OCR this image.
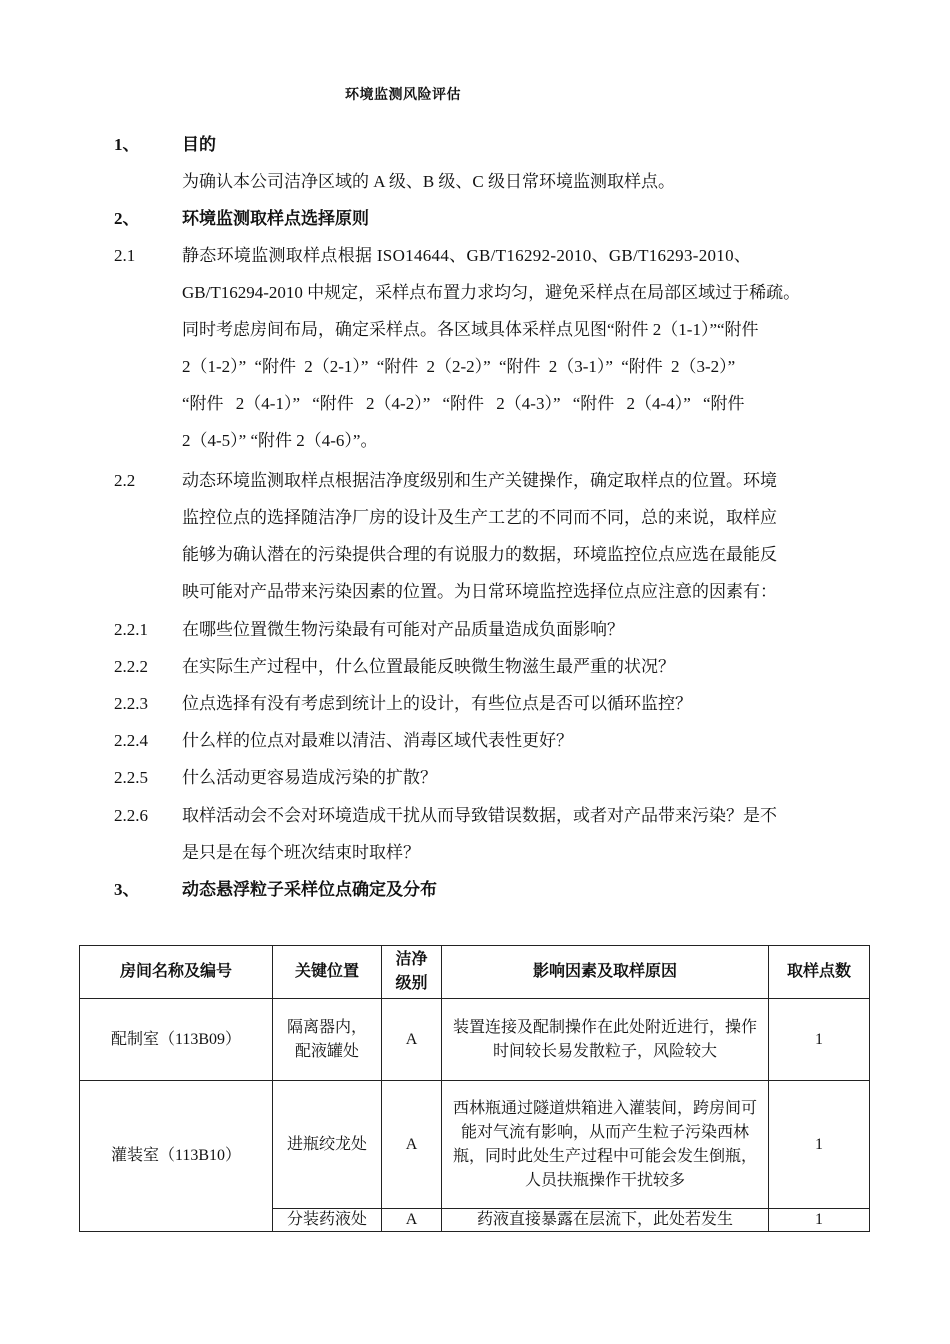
环境监测风险评估
1、	目的
为确认本公司洁净区域的 A 级、B 级、C 级日常环境监测取样点。
2、	环境监测取样点选择原则
2.1	静态环境监测取样点根据 ISO14644、GB/T16292-2010、GB/T16293-2010、
GB/T16294-2010 中规定，采样点布置力求均匀，避免采样点在局部区域过于稀疏。
同时考虑房间布局，确定采样点。各区域具体采样点见图“附件 2（1-1）”“附件
2（1-2）” “附件 2（2-1）” “附件 2（2-2）” “附件 2（3-1）” “附件 2（3-2）”
“附件 2（4-1）” “附件 2（4-2）” “附件 2（4-3）” “附件 2（4-4）” “附件
2（4-5）” “附件 2（4-6）”。
2.2	动态环境监测取样点根据洁净度级别和生产关键操作，确定取样点的位置。环境
监控位点的选择随洁净厂房的设计及生产工艺的不同而不同，总的来说，取样应
能够为确认潜在的污染提供合理的有说服力的数据，环境监控位点应选在最能反
映可能对产品带来污染因素的位置。为日常环境监控选择位点应注意的因素有：
2.2.1 在哪些位置微生物污染最有可能对产品质量造成负面影响？
2.2.2 在实际生产过程中，什么位置最能反映微生物滋生最严重的状况？
2.2.3 位点选择有没有考虑到统计上的设计，有些位点是否可以循环监控？
2.2.4 什么样的位点对最难以清洁、消毒区域代表性更好？
2.2.5 什么活动更容易造成污染的扩散？
2.2.6 取样活动会不会对环境造成干扰从而导致错误数据，或者对产品带来污染？是不
是只是在每个班次结束时取样？
3、	动态悬浮粒子采样位点确定及分布
房间名称及编号	关键位置	洁净级别	影响因素及取样原因	取样点数
配制室（113B09）	隔离器内，配液罐处	A	装置连接及配制操作在此处附近进行，操作时间较长易发散粒子，风险较大	1
灌装室（113B10）	进瓶绞龙处	A	西林瓶通过隧道烘箱进入灌装间，跨房间可能对气流有影响，从而产生粒子污染西林瓶，同时此处生产过程中可能会发生倒瓶，人员扶瓶操作干扰较多	1
	分装药液处	A	药液直接暴露在层流下，此处若发生	1
